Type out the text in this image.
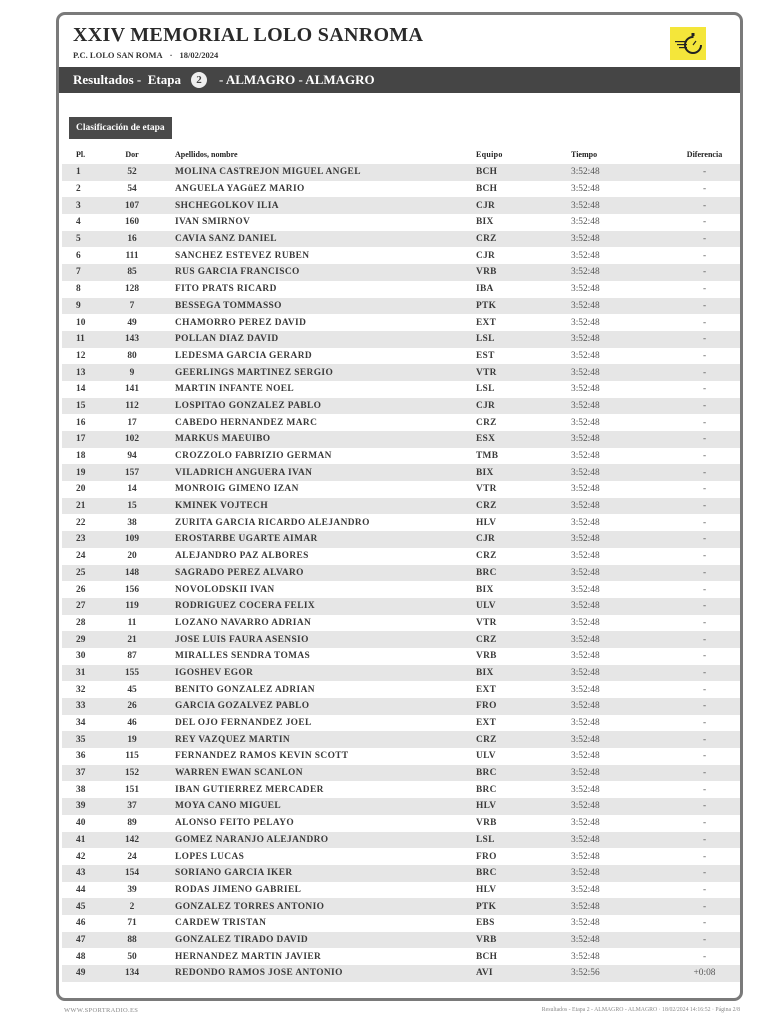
XXIV MEMORIAL LOLO SANROMA
P.C. LOLO SAN ROMA · 18/02/2024
Resultados -
Etapa	2	- ALMAGRO - ALMAGRO
Clasificación de etapa
Pl.	Dor	Apellidos, nombre	Equipo	Tiempo	Diferencia
1	52	MOLINA CASTREJON MIGUEL ANGEL	BCH	3:52:48	-
2	54	ANGUELA YAGüEZ MARIO	BCH	3:52:48	-
3	107	SHCHEGOLKOV ILIA	CJR	3:52:48	-
4	160	IVAN SMIRNOV	BIX	3:52:48	-
5	16	CAVIA SANZ DANIEL	CRZ	3:52:48	-
6	111	SANCHEZ ESTEVEZ RUBEN	CJR	3:52:48	-
7	85	RUS GARCIA FRANCISCO	VRB	3:52:48	-
8	128	FITO PRATS RICARD	IBA	3:52:48	-
9	7	BESSEGA TOMMASSO	PTK	3:52:48	-
10	49	CHAMORRO PEREZ DAVID	EXT	3:52:48	-
11	143	POLLAN DIAZ DAVID	LSL	3:52:48	-
12	80	LEDESMA GARCIA GERARD	EST	3:52:48	-
13	9	GEERLINGS MARTINEZ SERGIO	VTR	3:52:48	-
14	141	MARTIN INFANTE NOEL	LSL	3:52:48	-
15	112	LOSPITAO GONZALEZ PABLO	CJR	3:52:48	-
16	17	CABEDO HERNANDEZ MARC	CRZ	3:52:48	-
17	102	MARKUS MAEUIBO	ESX	3:52:48	-
18	94	CROZZOLO FABRIZIO GERMAN	TMB	3:52:48	-
19	157	VILADRICH ANGUERA IVAN	BIX	3:52:48	-
20	14	MONROIG GIMENO IZAN	VTR	3:52:48	-
21	15	KMINEK VOJTECH	CRZ	3:52:48	-
22	38	ZURITA GARCIA RICARDO ALEJANDRO	HLV	3:52:48	-
23	109	EROSTARBE UGARTE AIMAR	CJR	3:52:48	-
24	20	ALEJANDRO PAZ ALBORES	CRZ	3:52:48	-
25	148	SAGRADO PEREZ ALVARO	BRC	3:52:48	-
26	156	NOVOLODSKII IVAN	BIX	3:52:48	-
27	119	RODRIGUEZ COCERA FELIX	ULV	3:52:48	-
28	11	LOZANO NAVARRO ADRIAN	VTR	3:52:48	-
29	21	JOSE LUIS FAURA ASENSIO	CRZ	3:52:48	-
30	87	MIRALLES SENDRA TOMAS	VRB	3:52:48	-
31	155	IGOSHEV EGOR	BIX	3:52:48	-
32	45	BENITO GONZALEZ ADRIAN	EXT	3:52:48	-
33	26	GARCIA GOZALVEZ PABLO	FRO	3:52:48	-
34	46	DEL OJO FERNANDEZ JOEL	EXT	3:52:48	-
35	19	REY VAZQUEZ MARTIN	CRZ	3:52:48	-
36	115	FERNANDEZ RAMOS KEVIN SCOTT	ULV	3:52:48	-
37	152	WARREN EWAN SCANLON	BRC	3:52:48	-
38	151	IBAN GUTIERREZ MERCADER	BRC	3:52:48	-
39	37	MOYA CANO MIGUEL	HLV	3:52:48	-
40	89	ALONSO FEITO PELAYO	VRB	3:52:48	-
41	142	GOMEZ NARANJO ALEJANDRO	LSL	3:52:48	-
42	24	LOPES LUCAS	FRO	3:52:48	-
43	154	SORIANO GARCIA IKER	BRC	3:52:48	-
44	39	RODAS JIMENO GABRIEL	HLV	3:52:48	-
45	2	GONZALEZ TORRES ANTONIO	PTK	3:52:48	-
46	71	CARDEW TRISTAN	EBS	3:52:48	-
47	88	GONZALEZ TIRADO DAVID	VRB	3:52:48	-
48	50	HERNANDEZ MARTIN JAVIER	BCH	3:52:48	-
49	134	REDONDO RAMOS JOSE ANTONIO	AVI	3:52:56	+0:08
WWW.SPORTRADIO.ES	Resultados - Etapa 2 - ALMAGRO - ALMAGRO · 18/02/2024 14:16:52 · Página 2/8
